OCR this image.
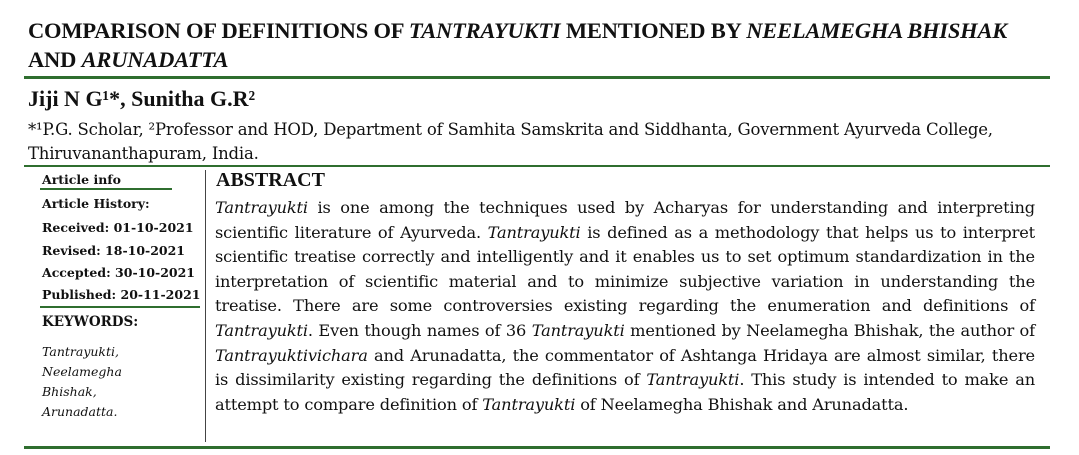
COMPARISON OF DEFINITIONS OF TANTRAYUKTI MENTIONED BY NEELAMEGHA BHISHAK AND ARUNADATTA
Jiji N G¹*, Sunitha G.R²
*¹P.G. Scholar, ²Professor and HOD, Department of Samhita Samskrita and Siddhanta, Government Ayurveda College, Thiruvananthapuram, India.
Article info
Article History:
Received: 01-10-2021
Revised: 18-10-2021
Accepted: 30-10-2021
Published: 20-11-2021
KEYWORDS:
Tantrayukti,
Neelamegha
Bhishak,
Arunadatta.
ABSTRACT
Tantrayukti is one among the techniques used by Acharyas for understanding and interpreting scientific literature of Ayurveda. Tantrayukti is defined as a methodology that helps us to interpret scientific treatise correctly and intelligently and it enables us to set optimum standardization in the interpretation of scientific material and to minimize subjective variation in understanding the treatise. There are some controversies existing regarding the enumeration and definitions of Tantrayukti. Even though names of 36 Tantrayukti mentioned by Neelamegha Bhishak, the author of Tantrayuktivichara and Arunadatta, the commentator of Ashtanga Hridaya are almost similar, there is dissimilarity existing regarding the definitions of Tantrayukti. This study is intended to make an attempt to compare definition of Tantrayukti of Neelamegha Bhishak and Arunadatta.
